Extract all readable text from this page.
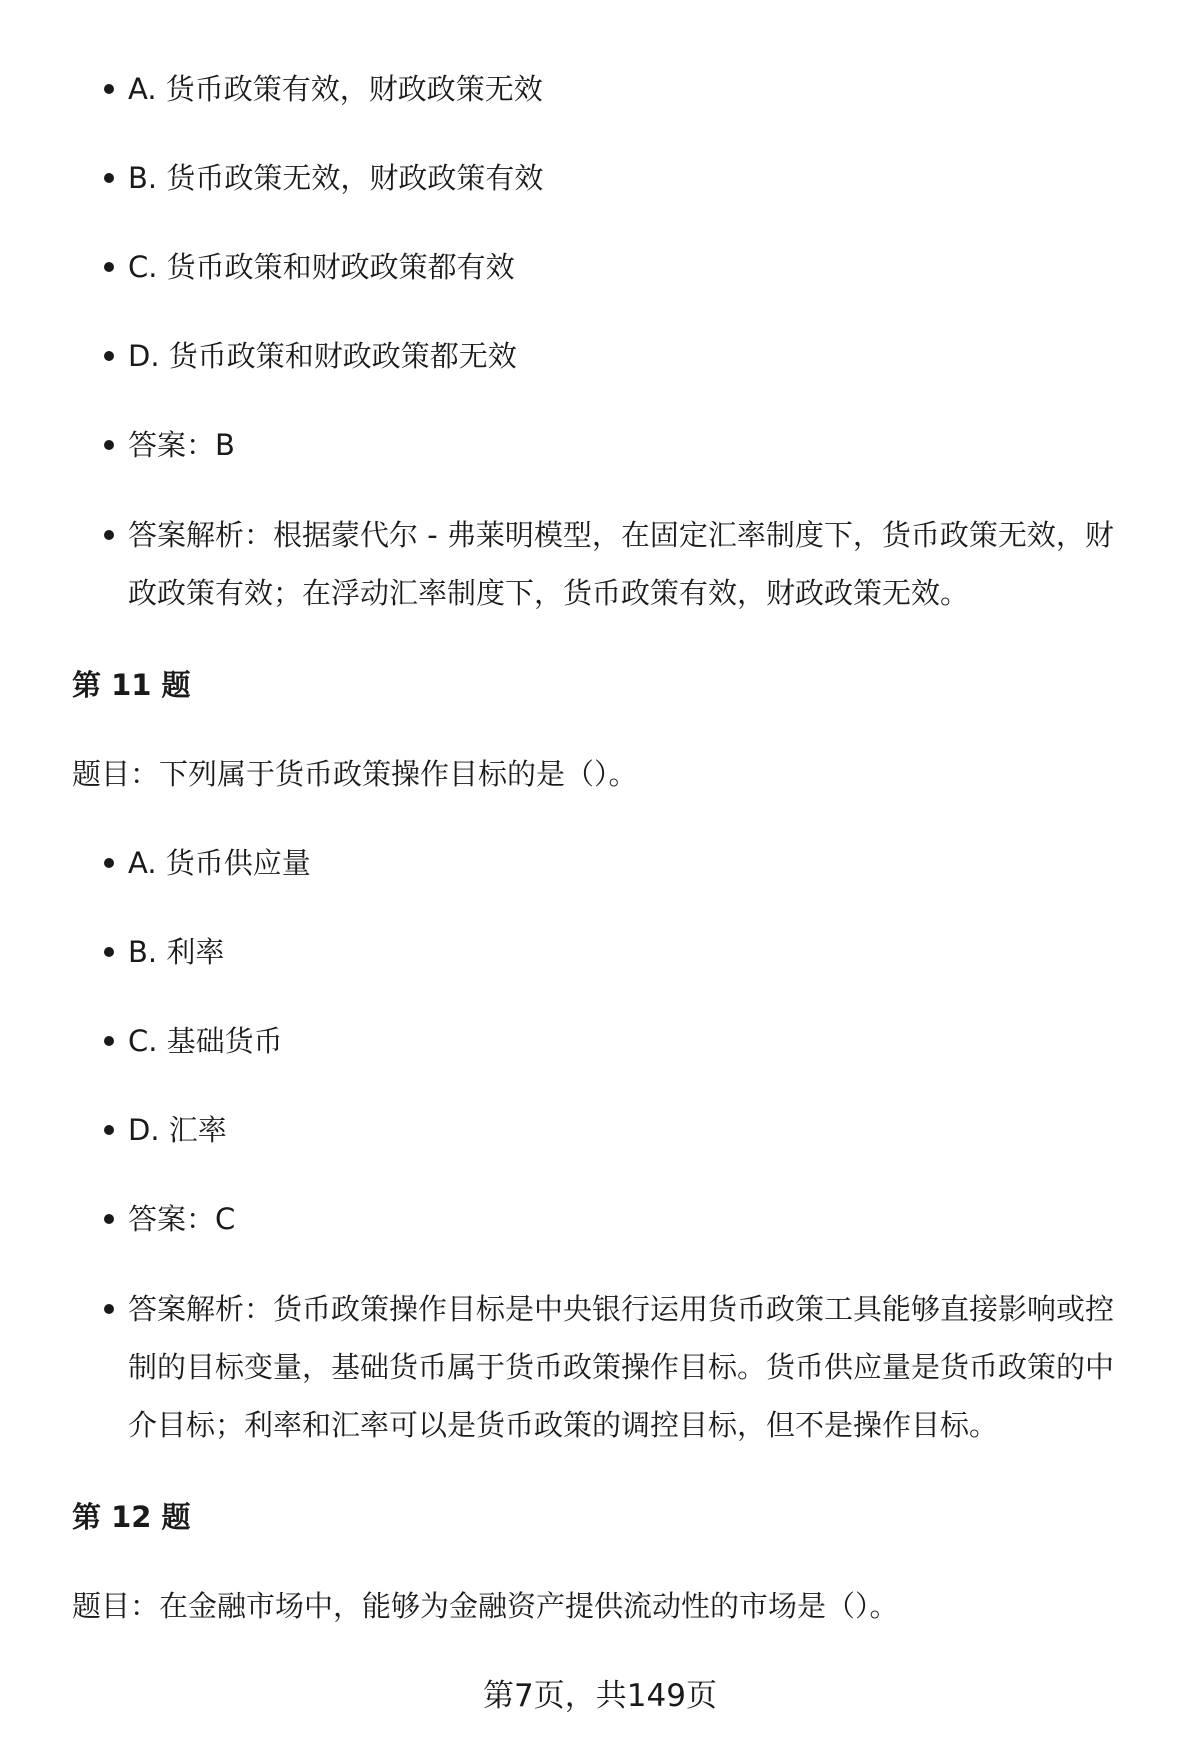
A. 货币政策有效，财政政策无效
B. 货币政策无效，财政政策有效
C. 货币政策和财政政策都有效
D. 货币政策和财政政策都无效
答案：B
答案解析：根据蒙代尔 - 弗莱明模型，在固定汇率制度下，货币政策无效，财政政策有效；在浮动汇率制度下，货币政策有效，财政政策无效。
第 11 题

题目：下列属于货币政策操作目标的是（）。

A. 货币供应量
B. 利率
C. 基础货币
D. 汇率
答案：C
答案解析：货币政策操作目标是中央银行运用货币政策工具能够直接影响或控制的目标变量，基础货币属于货币政策操作目标。货币供应量是货币政策的中介目标；利率和汇率可以是货币政策的调控目标，但不是操作目标。
第 12 题

题目：在金融市场中，能够为金融资产提供流动性的市场是（）。

第7页，共149页
